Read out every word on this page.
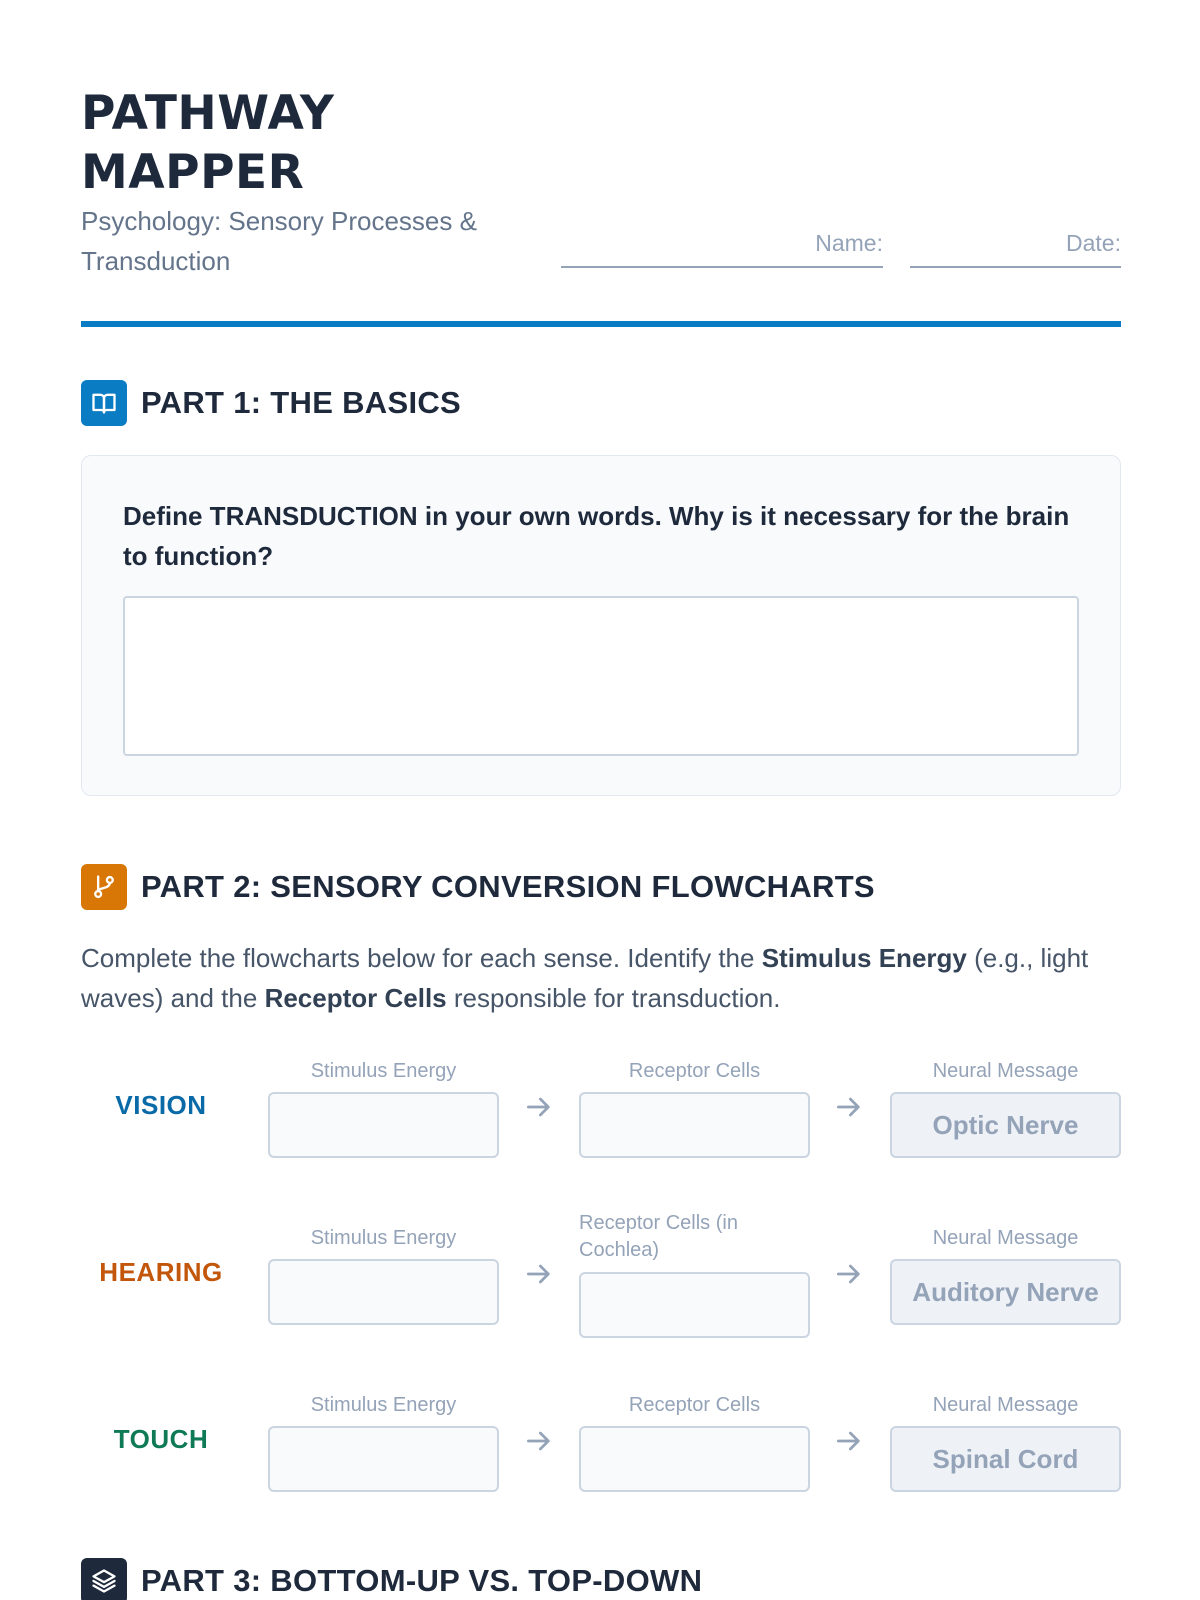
PATHWAY
MAPPER
Psychology: Sensory Processes & Transduction
Name:	Date:
PART 1: THE BASICS
Define TRANSDUCTION in your own words. Why is it necessary for the brain to function?
PART 2: SENSORY CONVERSION FLOWCHARTS
Complete the flowcharts below for each sense. Identify the Stimulus Energy (e.g., light waves) and the Receptor Cells responsible for transduction.
VISION
Stimulus Energy	Receptor Cells	Neural Message
Optic Nerve
HEARING
Stimulus Energy
Receptor Cells (in Cochlea)
Neural Message
Auditory Nerve
TOUCH
Stimulus Energy	Receptor Cells	Neural Message
Spinal Cord
PART 3: BOTTOM-UP VS. TOP-DOWN
